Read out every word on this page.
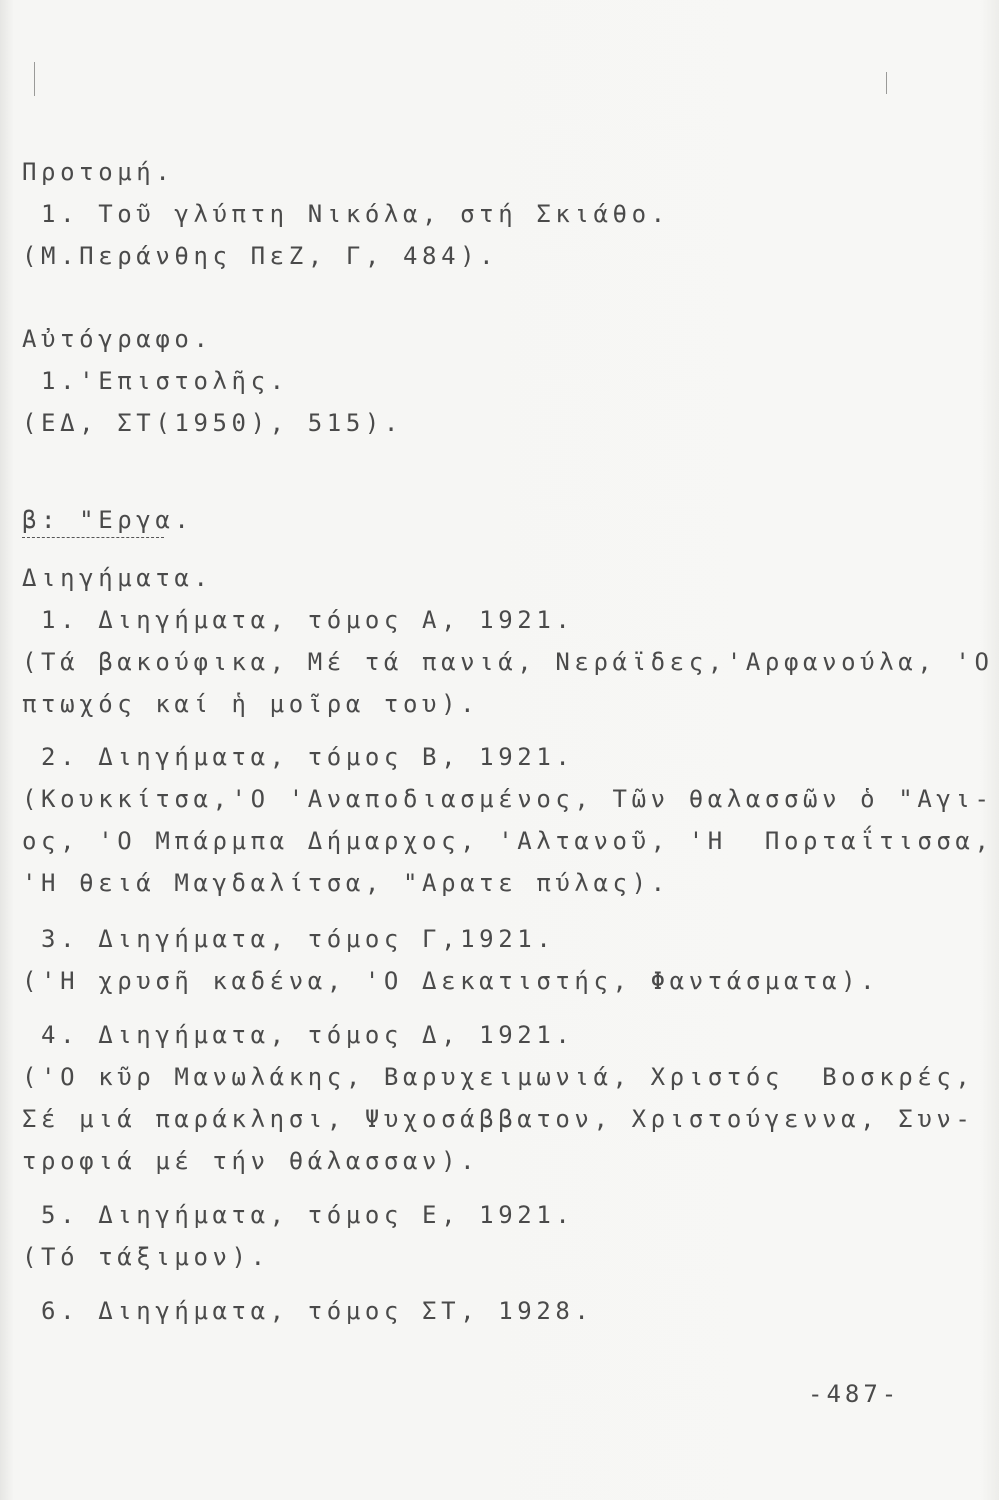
Προτομή.
1. Τοῦ γλύπτη Νικόλα, στή Σκιάθο.
(Μ.Περάνθης ΠεΖ, Γ, 484).
Αὐτόγραφο.
1.'Επιστολῆς.
(ΕΔ, ΣΤ(1950), 515).
β: "Εργα.
Διηγήματα.
1. Διηγήματα, τόμος Α, 1921.
(Τά βακούφικα, Μέ τά πανιά, Νεράϊδες,'Αρφανούλα, 'Ο
πτωχός καί ἡ μοῖρα του).
2. Διηγήματα, τόμος Β, 1921.
(Κουκκίτσα,'Ο 'Αναποδιασμένος, Τῶν θαλασσῶν ὁ "Αγι-
ος, 'Ο Μπάρμπα Δήμαρχος, 'Αλτανοῦ, 'Η  Πορταΐτισσα,
'Η θειά Μαγδαλίτσα, "Αρατε πύλας).
3. Διηγήματα, τόμος Γ,1921.
('Η χρυσῆ καδένα, 'Ο Δεκατιστής, Φαντάσματα).
4. Διηγήματα, τόμος Δ, 1921.
('Ο κῦρ Μανωλάκης, Βαρυχειμωνιά, Χριστός  Βοσκρές,
Σέ μιά παράκλησι, Ψυχοσάββατον, Χριστούγεννα, Συν-
τροφιά μέ τήν θάλασσαν).
5. Διηγήματα, τόμος Ε, 1921.
(Τό τάξιμον).
6. Διηγήματα, τόμος ΣΤ, 1928.
-487-
